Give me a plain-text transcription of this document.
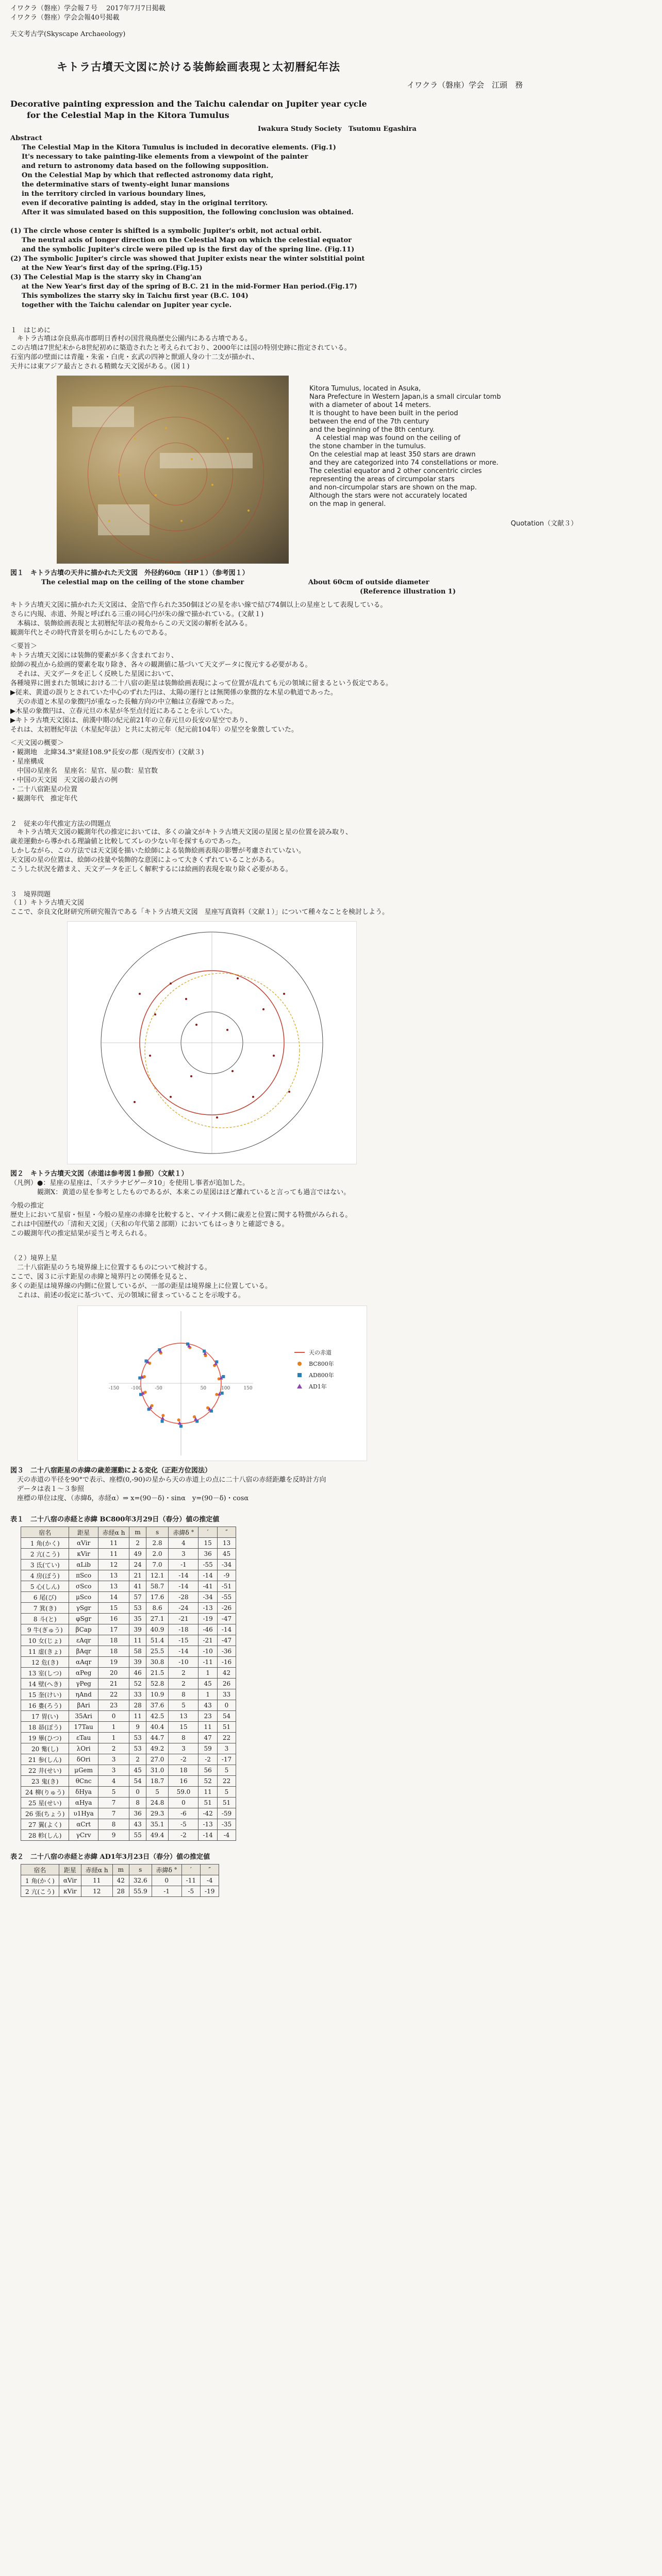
イワクラ（磐座）学会報７号 　2017年7月7日掲載
イワクラ（磐座）学会会報40号掲載
天文考古学(Skyscape Archaeology)
キトラ古墳天文図に於ける装飾絵画表現と太初暦紀年法
イワクラ（磐座）学会　江頭　務
Decorative painting expression and the Taichu calendar on Jupiter year cycle
for the Celestial Map in the Kitora Tumulus
Iwakura Study Society　Tsutomu Egashira
Abstract
The Celestial Map in the Kitora Tumulus is included in decorative elements. (Fig.1)
It's necessary to take painting-like elements from a viewpoint of the painter
and return to astronomy data based on the following supposition.
On the Celestial Map by which that reflected astronomy data right,
the determinative stars of twenty-eight lunar mansions
in the territory circled in various boundary lines,
even if decorative painting is added, stay in the original territory.
After it was simulated based on this supposition, the following conclusion was obtained.
(1) The circle whose center is shifted is a symbolic Jupiter's orbit, not actual orbit.
The neutral axis of longer direction on the Celestial Map on which the celestial equator
and the symbolic Jupiter's circle were piled up is the first day of the spring line. (Fig.11)
(2) The symbolic Jupiter's circle was showed that Jupiter exists near the winter solstitial point
at the New Year's first day of the spring.(Fig.15)
(3) The Celestial Map is the starry sky in Chang'an
at the New Year's first day of the spring of B.C. 21 in the mid-Former Han period.(Fig.17)
This symbolizes the starry sky in Taichu first year (B.C. 104)
together with the Taichu calendar on Jupiter year cycle.
１　はじめに
　キトラ古墳は奈良県高市郡明日香村の国営飛鳥歴史公園内にある古墳である。
この古墳は7世紀末から8世紀初めに築造されたと考えられており、2000年には国の特別史跡に指定されている。
石室内部の壁面には青龍・朱雀・白虎・玄武の四神と獣頭人身の十二支が描かれ、
天井には東アジア最古とされる精緻な天文図がある。(図１)
Kitora Tumulus, located in Asuka,
Nara Prefecture in Western Japan,is a small circular tomb
with a diameter of about 14 meters.
It is thought to have been built in the period
between the end of the 7th century
and the beginning of the 8th century.
　A celestial map was found on the ceiling of
the stone chamber in the tumulus.
On the celestial map at least 350 stars are drawn
and they are categorized into 74 constellations or more.
The celestial equator and 2 other concentric circles
representing the areas of circumpolar stars
and non-circumpolar stars are shown on the map.
Although the stars were not accurately located
on the map in general.
Quotation（文献３）
図１　キトラ古墳の天井に描かれた天文図　外径約60㎝（HP１）（参考図１）
The celestial map on the ceiling of the stone chamber	About 60cm of outside diameter
(Reference illustration 1)
キトラ古墳天文図に描かれた天文図は、金箔で作られた350個ほどの星を赤い線で結び74個以上の星座として表現している。
さらに内規、赤道、外規と呼ばれる三重の同心円が朱の線で描かれている。(文献１)
　本稿は、装飾絵画表現と太初暦紀年法の視角からこの天文図の解析を試みる。
観測年代とその時代背景を明らかにしたものである。
＜要旨＞
キトラ古墳天文図には装飾的要素が多く含まれており、
絵師の視点から絵画的要素を取り除き、各々の観測値に基づいて天文データに復元する必要がある。
　それは、天文データを正しく反映した星図において、
各種境界に囲まれた領域における二十八宿の距星は装飾絵画表現によって位置が乱れても元の領域に留まるという仮定である。
▶従来、黄道の誤りとされていた中心のずれた円は、太陽の運行とは無関係の象徴的な木星の軌道であった。
　天の赤道と木星の象徴円が重なった長軸方向の中立軸は立春線であった。
▶木星の象徴円は、立春元旦の木星が冬至点付近にあることを示していた。
▶キトラ古墳天文図は、前漢中期の紀元前21年の立春元旦の長安の星空であり、
それは、太初暦紀年法（木星紀年法）と共に太初元年（紀元前104年）の星空を象徴していた。
＜天文図の概要＞
・観測地　北緯34.3°東経108.9°長安の都（現西安市）(文献３)
・星座構成
　中国の星座名　星座名：星官、星の数：星官数
・中国の天文図　天文図の最古の例
・二十八宿距星の位置
・観測年代　推定年代
２　従来の年代推定方法の問題点
　キトラ古墳天文図の観測年代の推定においては、多くの論文がキトラ古墳天文図の星図と星の位置を読み取り、
歳差運動から導かれる理論値と比較してズレの少ない年を探すものであった。
しかしながら、この方法では天文図を描いた絵師による装飾絵画表現の影響が考慮されていない。
天文図の星の位置は、絵師の技量や装飾的な意図によって大きくずれていることがある。
こうした状況を踏まえ、天文データを正しく解釈するには絵画的表現を取り除く必要がある。
３　境界問題
（１）キトラ古墳天文図
ここで、奈良文化財研究所研究報告である「キトラ古墳天文図　星座写真資料（文献１）」について種々なことを検討しよう。
図２　キトラ古墳天文図（赤道は参考図１参照）（文献１）
（凡例）●：星座の星座は、「ステラナビゲータ10」を使用し事者が追加した。
　　　　観測X：黄道の星を参考としたものであるが、本来この星図はほど離れていると言っても過言ではない。
今般の推定
歴史上において星宿・恒星・今般の星座の赤緯を比較すると、マイナス側に歳差と位置に関する特徴がみられる。
これは中国歴代の「清和天文図」（天和の年代第２部期）においてもはっきりと確認できる。
この観測年代の推定結果が妥当と考えられる。
（２）境界上星
　二十八宿距星のうち境界線上に位置するものについて検討する。
ここで、図３に示す距星の赤緯と境界円との関係を見ると、
多くの距星は境界線の内側に位置しているが、一部の距星は境界線上に位置している。
　これは、前述の仮定に基づいて、元の領域に留まっていることを示唆する。
-150	-100	-50	50	100	150
天の赤道
BC800年
AD800年
AD1年
図３　二十八宿距星の赤緯の歳差運動による変化（正距方位図法）
　天の赤道の半径を90°で表示、座標(0,-90)の星から天の赤道上の点に二十八宿の赤経距離を反時計方向
　データは表１～３参照
　座標の単位は度、（赤緯δ，赤経α）⇒ x=(90－δ)・sinα　y=(90－δ)・cosα
表１　二十八宿の赤経と赤緯 BC800年3月29日（春分）値の推定値
宿名	距星	赤経α h	m	s	赤緯δ °	′	″
1 角(かく)	αVir	11	2	2.8	4	15	13
2 亢(こう)	κVir	11	49	2.0	3	36	45
3 氐(てい)	αLib	12	24	7.0	-1	-55	-34
4 房(ぼう)	πSco	13	21	12.1	-14	-14	-9
5 心(しん)	σSco	13	41	58.7	-14	-41	-51
6 尾(び)	μSco	14	57	17.6	-28	-34	-55
7 箕(き)	γSgr	15	53	8.6	-24	-13	-26
8 斗(と)	φSgr	16	35	27.1	-21	-19	-47
9 牛(ぎゅう)	βCap	17	39	40.9	-18	-46	-14
10 女(じょ)	εAqr	18	11	51.4	-15	-21	-47
11 虚(きょ)	βAqr	18	58	25.5	-14	-10	-36
12 危(き)	αAqr	19	39	30.8	-10	-11	-16
13 室(しつ)	αPeg	20	46	21.5	2	1	42
14 壁(へき)	γPeg	21	52	52.8	2	45	26
15 奎(けい)	ηAnd	22	33	10.9	8	1	33
16 婁(ろう)	βAri	23	28	37.6	5	43	0
17 胃(い)	35Ari	0	11	42.5	13	23	54
18 昴(ぼう)	17Tau	1	9	40.4	15	11	51
19 畢(ひつ)	εTau	1	53	44.7	8	47	22
20 觜(し)	λOri	2	53	49.2	3	59	3
21 参(しん)	δOri	3	2	27.0	-2	-2	-17
22 井(せい)	μGem	3	45	31.0	18	56	5
23 鬼(き)	θCnc	4	54	18.7	16	52	22
24 柳(りゅう)	δHya	5	0	5	59.0	11	5
25 星(せい)	αHya	7	8	24.8	0	51	51
26 張(ちょう)	υ1Hya	7	36	29.3	-6	-42	-59
27 翼(よく)	αCrt	8	43	35.1	-5	-13	-35
28 軫(しん)	γCrv	9	55	49.4	-2	-14	-4
表２　二十八宿の赤経と赤緯 AD1年3月23日（春分）値の推定値
宿名	距星	赤経α h	m	s	赤緯δ °	′	″
1 角(かく)	αVir	11	42	32.6	0	-11	-4
2 亢(こう)	κVir	12	28	55.9	-1	-5	-19
